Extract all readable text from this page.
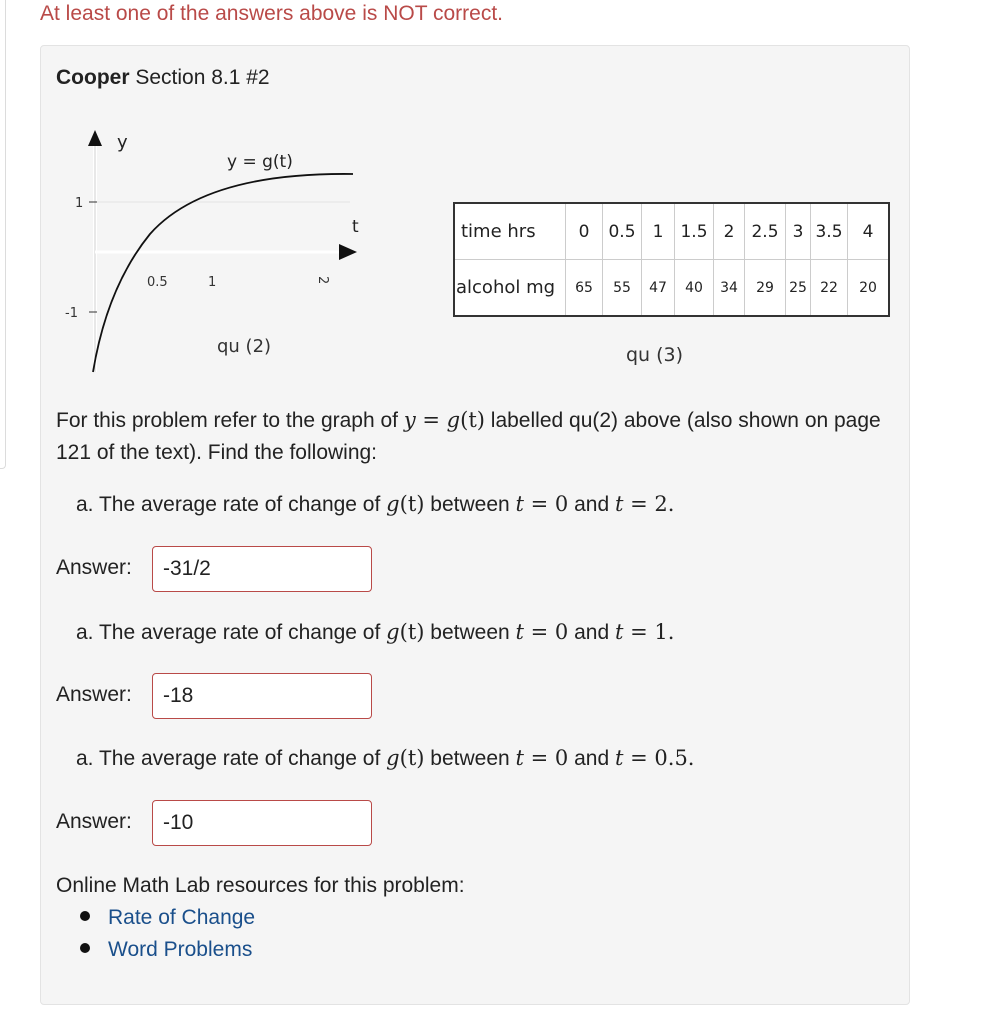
At least one of the answers above is NOT correct.
Cooper Section 8.1 #2
y
t
1
-1
0.5	1	2
y = g(t)
qu (2)
time hrs	0	0.5	1	1.5	2	2.5	3	3.5	4
alcohol mg	65	55	47	40	34	29	25	22	20
qu (3)
For this problem refer to the graph of y = g(t) labelled qu(2) above (also shown on page 121 of the text). Find the following:
a. The average rate of change of g(t) between t = 0 and t = 2.
Answer:
-31/2
a. The average rate of change of g(t) between t = 0 and t = 1.
Answer:
-18
a. The average rate of change of g(t) between t = 0 and t = 0.5.
Answer:
-10
Online Math Lab resources for this problem:
Rate of Change
Word Problems
